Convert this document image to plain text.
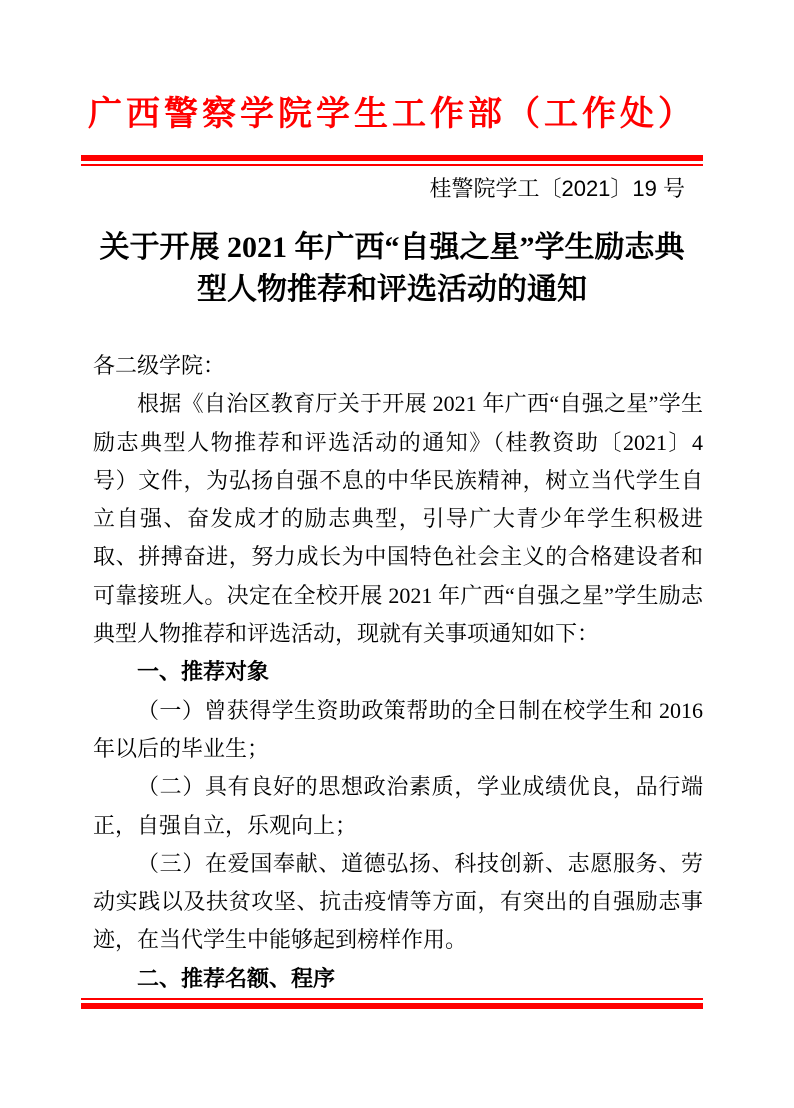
广西警察学院学生工作部（工作处）
桂警院学工〔2021〕19 号
关于开展 2021 年广西“自强之星”学生励志典型人物推荐和评选活动的通知

各二级学院：

根据《自治区教育厅关于开展 2021 年广西“自强之星”学生励志典型人物推荐和评选活动的通知》（桂教资助〔2021〕4 号）文件，为弘扬自强不息的中华民族精神，树立当代学生自立自强、奋发成才的励志典型，引导广大青少年学生积极进取、拼搏奋进，努力成长为中国特色社会主义的合格建设者和可靠接班人。决定在全校开展 2021 年广西“自强之星”学生励志典型人物推荐和评选活动，现就有关事项通知如下：

一、推荐对象

（一）曾获得学生资助政策帮助的全日制在校学生和 2016 年以后的毕业生；

（二）具有良好的思想政治素质，学业成绩优良，品行端正，自强自立，乐观向上；

（三）在爱国奉献、道德弘扬、科技创新、志愿服务、劳动实践以及扶贫攻坚、抗击疫情等方面，有突出的自强励志事迹，在当代学生中能够起到榜样作用。

二、推荐名额、程序
